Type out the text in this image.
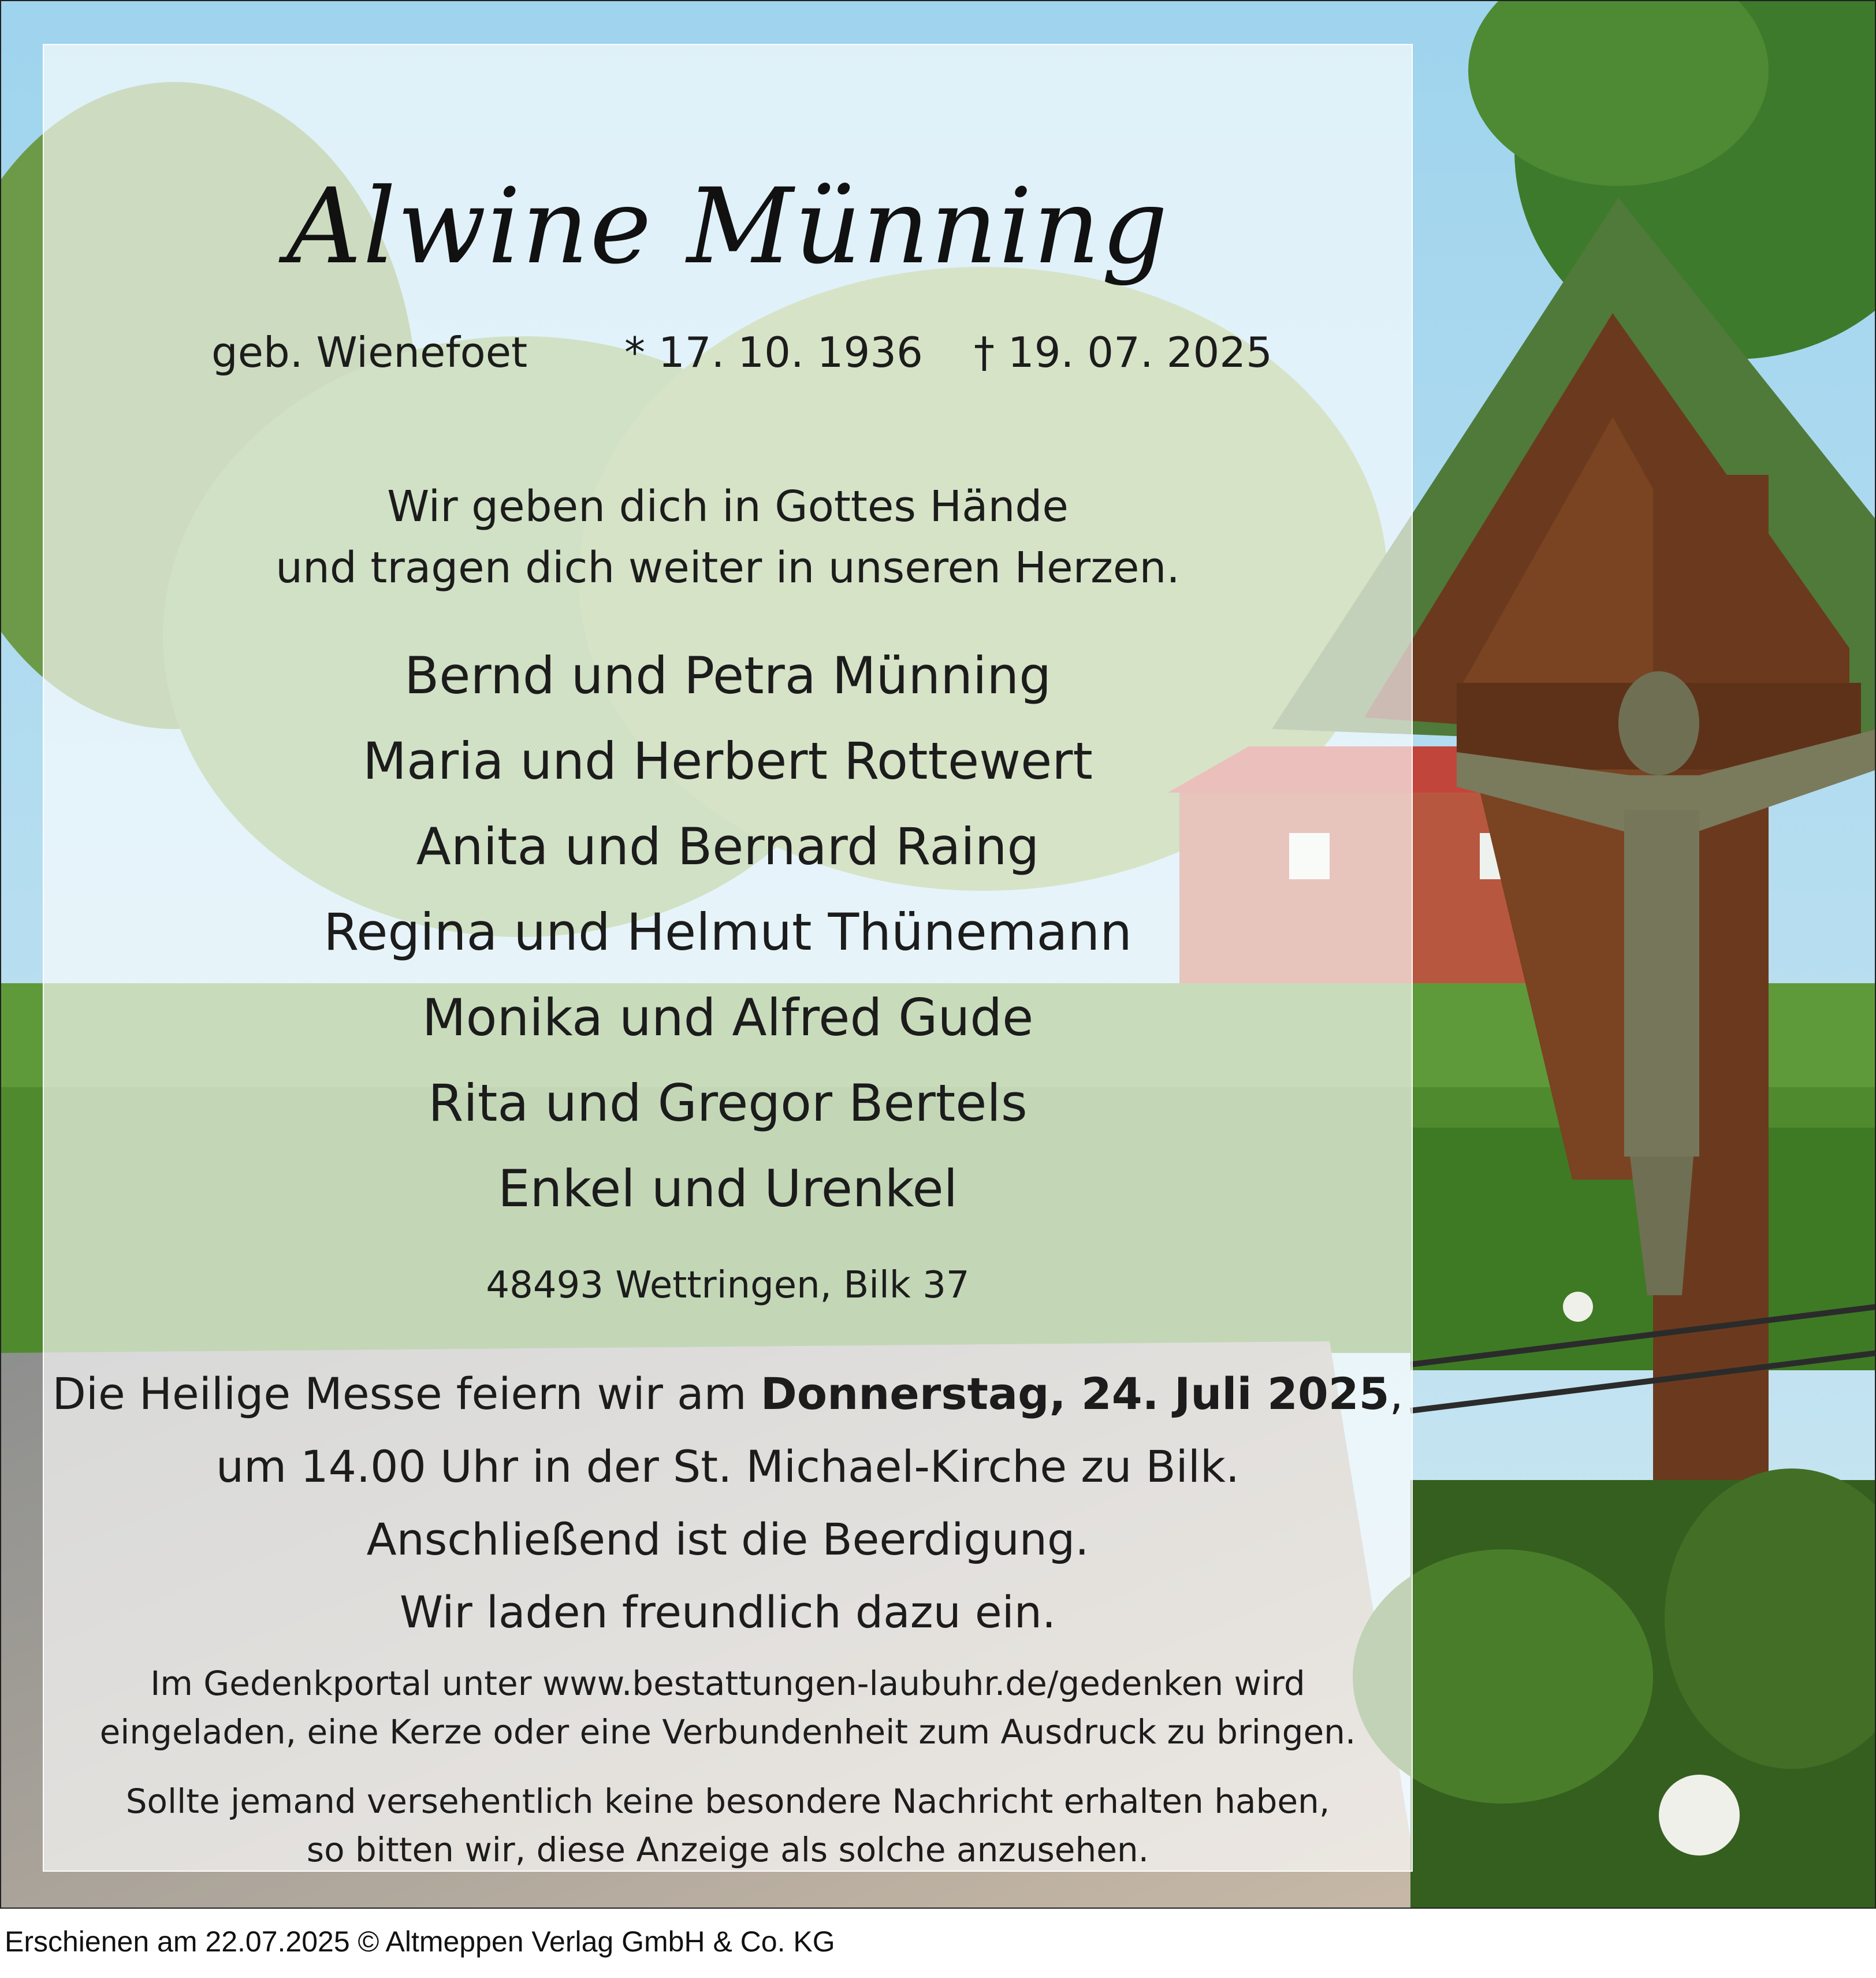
Alwine Münning
geb. Wienefoet * 17. 10. 1936 † 19. 07. 2025
Wir geben dich in Gottes Hände
und tragen dich weiter in unseren Herzen.
Bernd und Petra Münning
Maria und Herbert Rottewert
Anita und Bernard Raing
Regina und Helmut Thünemann
Monika und Alfred Gude
Rita und Gregor Bertels
Enkel und Urenkel
48493 Wettringen, Bilk 37
Die Heilige Messe feiern wir am Donnerstag, 24. Juli 2025,
um 14.00 Uhr in der St. Michael-Kirche zu Bilk.
Anschließend ist die Beerdigung.
Wir laden freundlich dazu ein.
Im Gedenkportal unter www.bestattungen-laubuhr.de/gedenken wird
eingeladen, eine Kerze oder eine Verbundenheit zum Ausdruck zu bringen.
Sollte jemand versehentlich keine besondere Nachricht erhalten haben,
so bitten wir, diese Anzeige als solche anzusehen.
Erschienen am 22.07.2025 © Altmeppen Verlag GmbH & Co. KG
